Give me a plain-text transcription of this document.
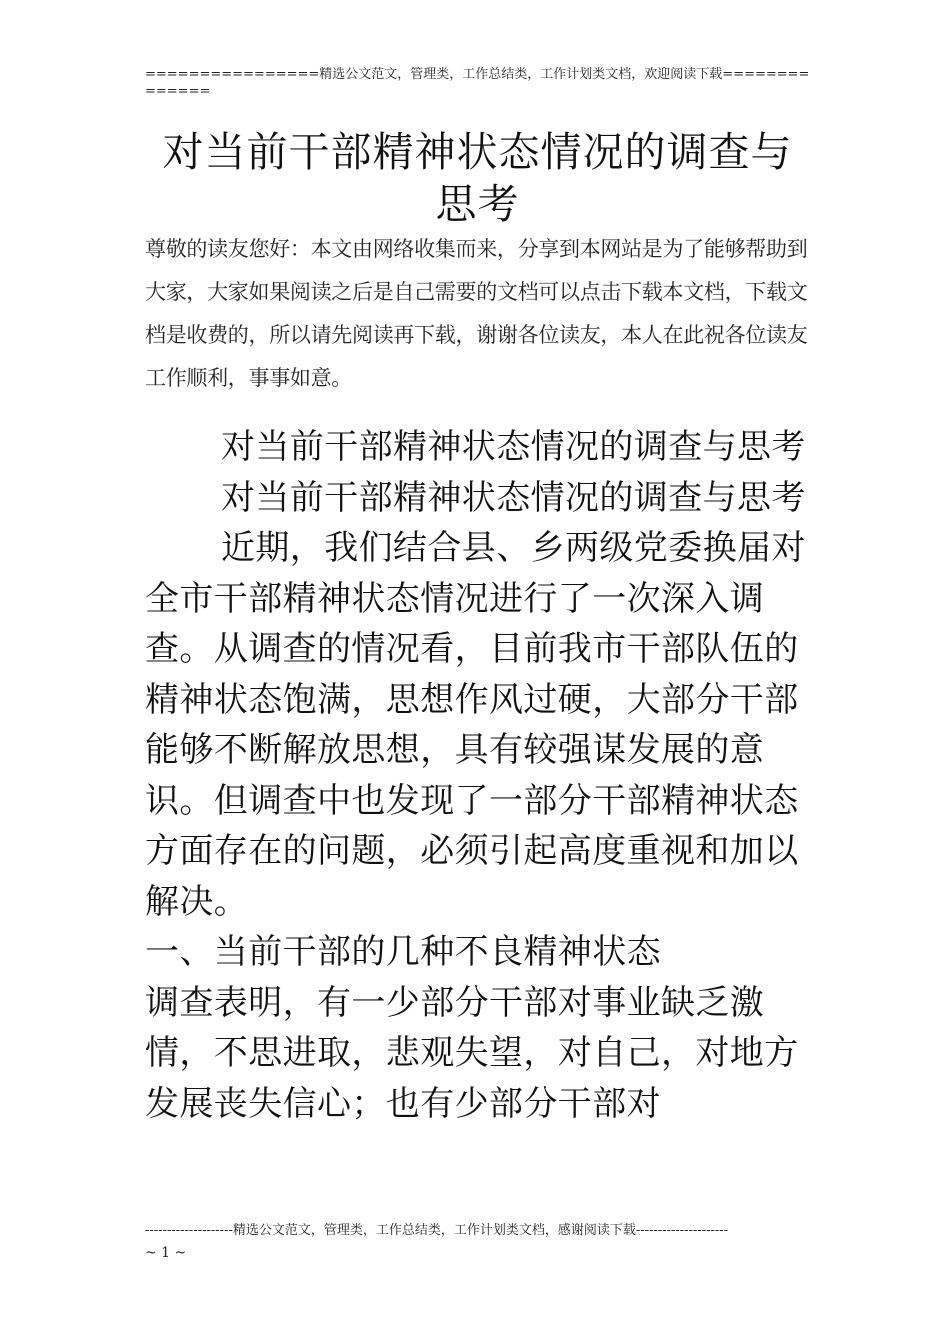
================精选公文范文，管理类，工作总结类，工作计划类文档，欢迎阅读下载==============
对当前干部精神状态情况的调查与思考
尊敬的读友您好：本文由网络收集而来，分享到本网站是为了能够帮助到大家，大家如果阅读之后是自己需要的文档可以点击下载本文档，下载文档是收费的，所以请先阅读再下载，谢谢各位读友，本人在此祝各位读友工作顺利，事事如意。

对当前干部精神状态情况的调查与思考

对当前干部精神状态情况的调查与思考

近期，我们结合县、乡两级党委换届对全市干部精神状态情况进行了一次深入调查。从调查的情况看，目前我市干部队伍的精神状态饱满，思想作风过硬，大部分干部能够不断解放思想，具有较强谋发展的意识。但调查中也发现了一部分干部精神状态方面存在的问题，必须引起高度重视和加以解决。

一、当前干部的几种不良精神状态

调查表明，有一少部分干部对事业缺乏激情，不思进取，悲观失望，对自己，对地方发展丧失信心；也有少部分干部对

--------------------精选公文范文，管理类，工作总结类，工作计划类文档，感谢阅读下载---------------------
~ 1 ~
